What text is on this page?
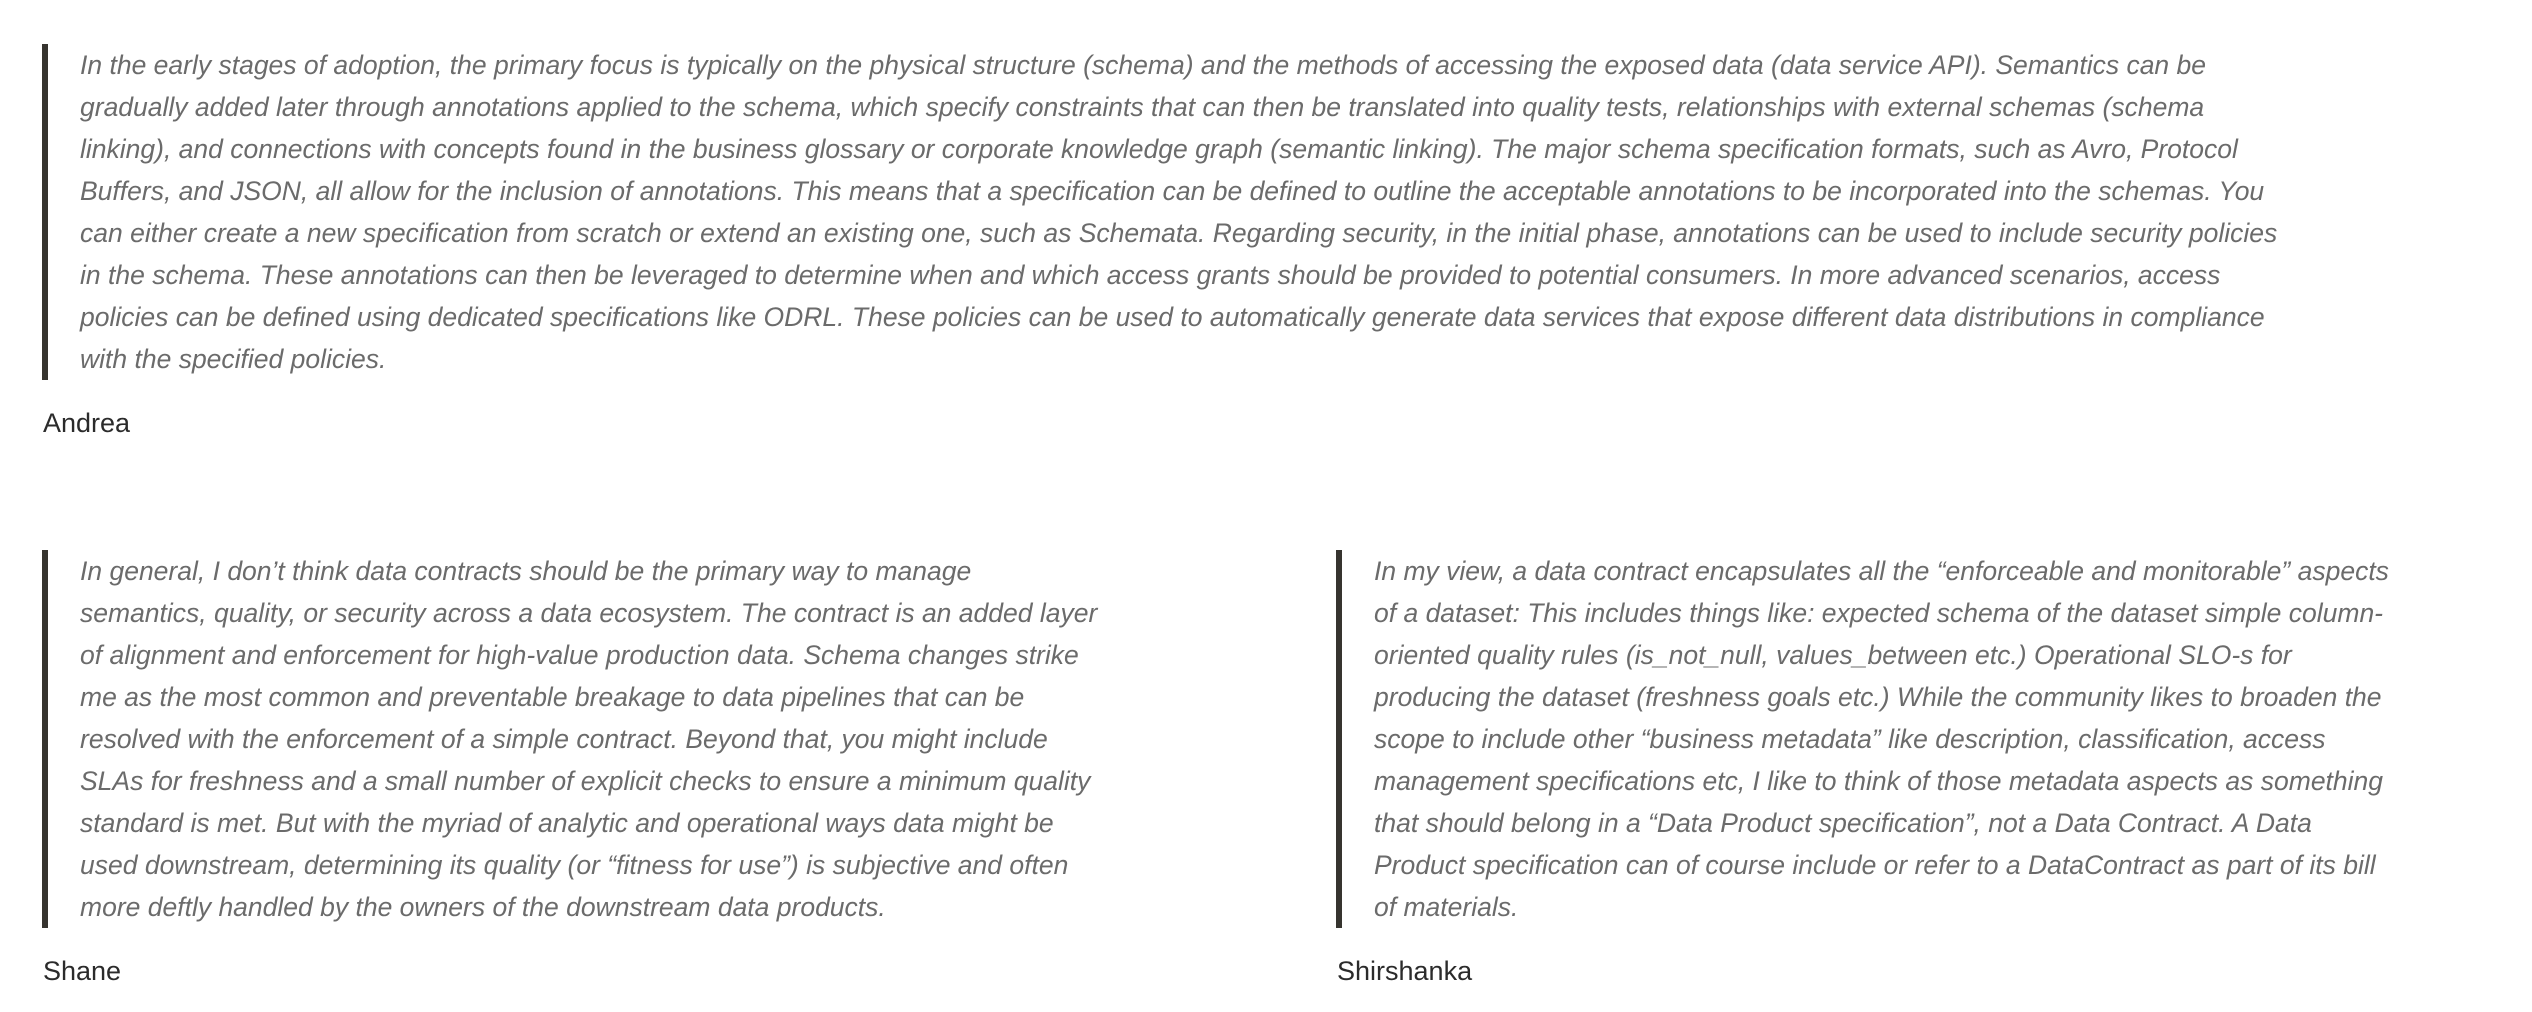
In the early stages of adoption, the primary focus is typically on the physical structure (schema) and the methods of accessing the exposed data (data service API). Semantics can be
gradually added later through annotations applied to the schema, which specify constraints that can then be translated into quality tests, relationships with external schemas (schema
linking), and connections with concepts found in the business glossary or corporate knowledge graph (semantic linking). The major schema specification formats, such as Avro, Protocol
Buffers, and JSON, all allow for the inclusion of annotations. This means that a specification can be defined to outline the acceptable annotations to be incorporated into the schemas. You
can either create a new specification from scratch or extend an existing one, such as Schemata. Regarding security, in the initial phase, annotations can be used to include security policies
in the schema. These annotations can then be leveraged to determine when and which access grants should be provided to potential consumers. In more advanced scenarios, access
policies can be defined using dedicated specifications like ODRL. These policies can be used to automatically generate data services that expose different data distributions in compliance
with the specified policies.
Andrea
In general, I don’t think data contracts should be the primary way to manage
semantics, quality, or security across a data ecosystem. The contract is an added layer
of alignment and enforcement for high-value production data. Schema changes strike
me as the most common and preventable breakage to data pipelines that can be
resolved with the enforcement of a simple contract. Beyond that, you might include
SLAs for freshness and a small number of explicit checks to ensure a minimum quality
standard is met. But with the myriad of analytic and operational ways data might be
used downstream, determining its quality (or “fitness for use”) is subjective and often
more deftly handled by the owners of the downstream data products.
Shane
In my view, a data contract encapsulates all the “enforceable and monitorable” aspects
of a dataset: This includes things like: expected schema of the dataset simple column-
oriented quality rules (is_not_null, values_between etc.) Operational SLO-s for
producing the dataset (freshness goals etc.) While the community likes to broaden the
scope to include other “business metadata” like description, classification, access
management specifications etc, I like to think of those metadata aspects as something
that should belong in a “Data Product specification”, not a Data Contract. A Data
Product specification can of course include or refer to a DataContract as part of its bill
of materials.
Shirshanka
